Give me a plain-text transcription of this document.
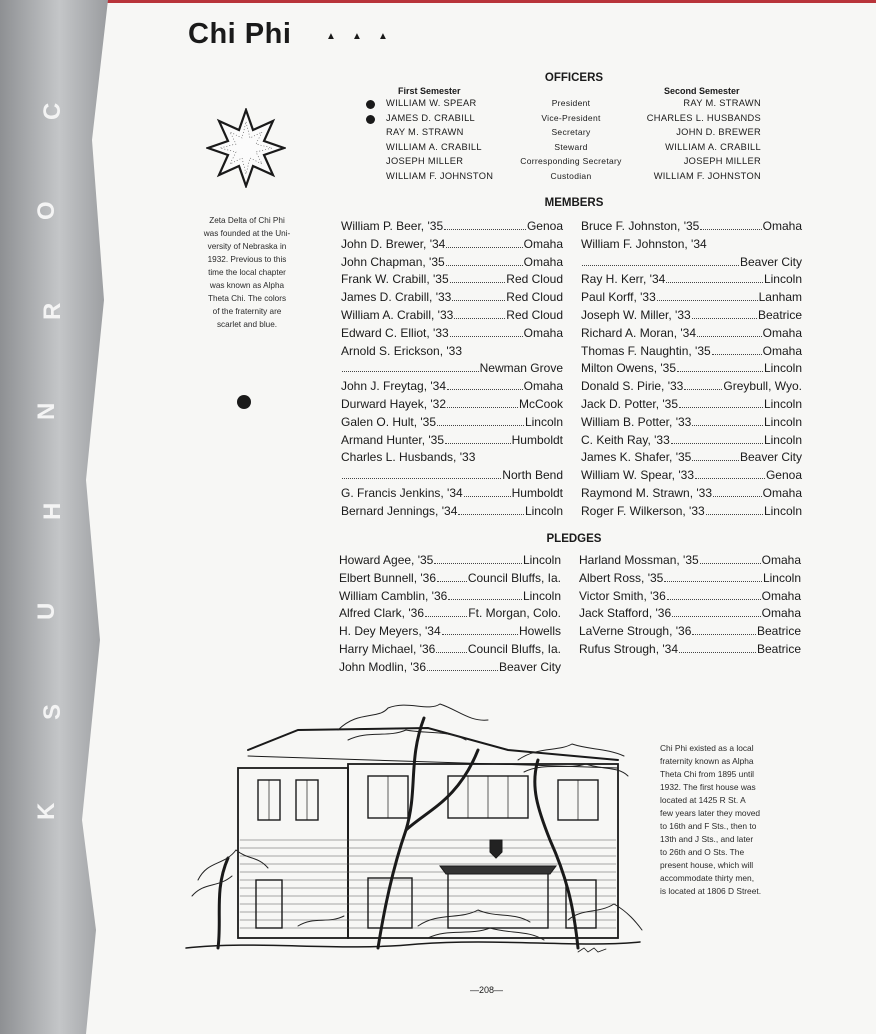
K
S
U
H
N
R
O
C
Chi Phi	▲ ▲ ▲
Zeta Delta of Chi Phi
was founded at the Uni-
versity of Nebraska in
1932. Previous to this
time the local chapter
was known as Alpha
Theta Chi. The colors
of the fraternity are
scarlet and blue.
OFFICERS
First Semester	Second Semester
WILLIAM W. SPEAR	President	RAY M. STRAWN
JAMES D. CRABILL	Vice-President	CHARLES L. HUSBANDS
RAY M. STRAWN	Secretary	JOHN D. BREWER
WILLIAM A. CRABILL	Steward	WILLIAM A. CRABILL
JOSEPH MILLER	Corresponding Secretary	JOSEPH MILLER
WILLIAM F. JOHNSTON	Custodian	WILLIAM F. JOHNSTON
MEMBERS
William P. Beer, '35	Genoa
John D. Brewer, '34	Omaha
John Chapman, '35	Omaha
Frank W. Crabill, '35	Red Cloud
James D. Crabill, '33	Red Cloud
William A. Crabill, '33	Red Cloud
Edward C. Elliot, '33	Omaha
Arnold S. Erickson, '33
Newman Grove
John J. Freytag, '34	Omaha
Durward Hayek, '32	McCook
Galen O. Hult, '35	Lincoln
Armand Hunter, '35	Humboldt
Charles L. Husbands, '33
North Bend
G. Francis Jenkins, '34	Humboldt
Bernard Jennings, '34	Lincoln
Bruce F. Johnston, '35	Omaha
William F. Johnston, '34
Beaver City
Ray H. Kerr, '34	Lincoln
Paul Korff, '33	Lanham
Joseph W. Miller, '33	Beatrice
Richard A. Moran, '34	Omaha
Thomas F. Naughtin, '35	Omaha
Milton Owens, '35	Lincoln
Donald S. Pirie, '33	Greybull, Wyo.
Jack D. Potter, '35	Lincoln
William B. Potter, '33	Lincoln
C. Keith Ray, '33	Lincoln
James K. Shafer, '35	Beaver City
William W. Spear, '33	Genoa
Raymond M. Strawn, '33	Omaha
Roger F. Wilkerson, '33	Lincoln
PLEDGES
Howard Agee, '35	Lincoln
Elbert Bunnell, '36	Council Bluffs, Ia.
William Camblin, '36	Lincoln
Alfred Clark, '36	Ft. Morgan, Colo.
H. Dey Meyers, '34	Howells
Harry Michael, '36	Council Bluffs, Ia.
John Modlin, '36	Beaver City
Harland Mossman, '35	Omaha
Albert Ross, '35	Lincoln
Victor Smith, '36	Omaha
Jack Stafford, '36	Omaha
LaVerne Strough, '36	Beatrice
Rufus Strough, '34	Beatrice
Chi Phi existed as a local
fraternity known as Alpha
Theta Chi from 1895 until
1932. The first house was
located at 1425 R St. A
few years later they moved
to 16th and F Sts., then to
13th and J Sts., and later
to 26th and O Sts. The
present house, which will
accommodate thirty men,
is located at 1806 D Street.
—208—
